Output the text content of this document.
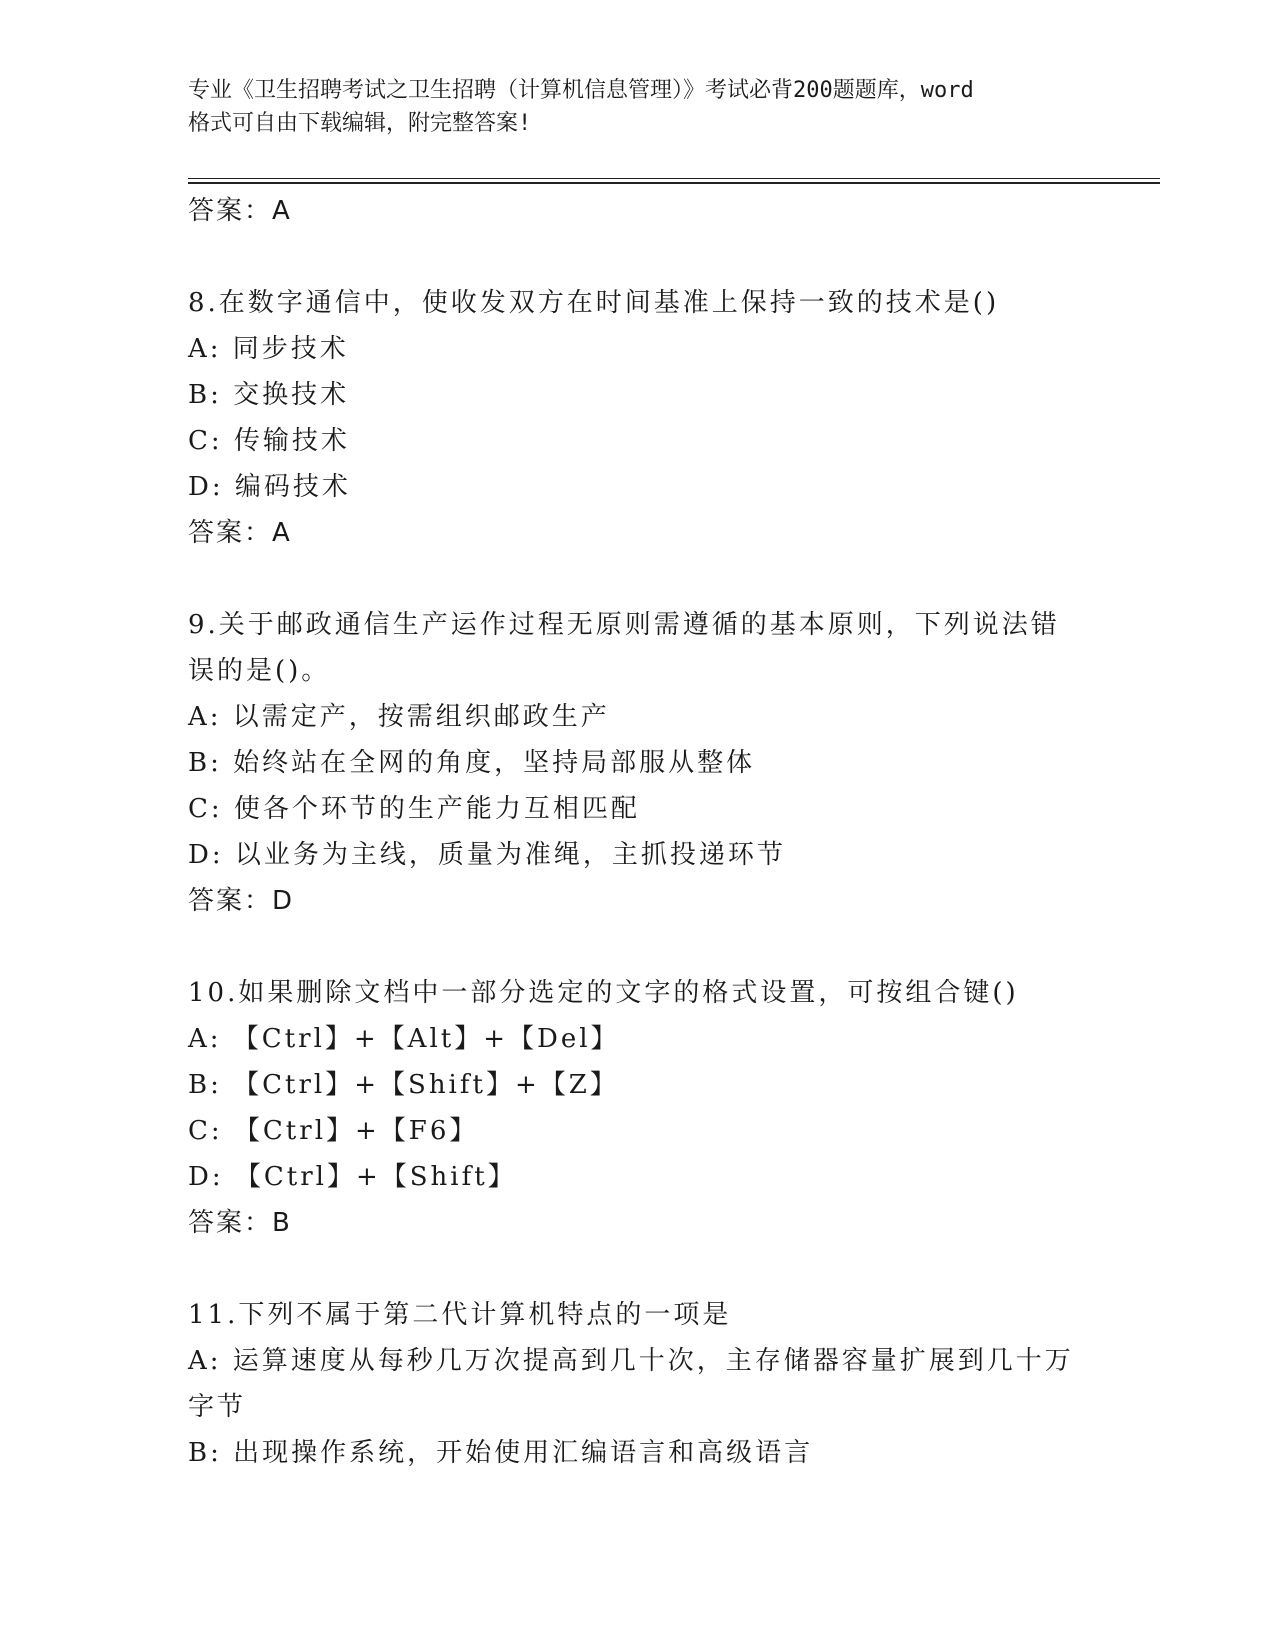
专业《卫生招聘考试之卫生招聘（计算机信息管理）》考试必背200题题库，word
格式可自由下载编辑，附完整答案!
答案：A
8.在数字通信中，使收发双方在时间基准上保持一致的技术是()
A: 同步技术
B: 交换技术
C: 传输技术
D: 编码技术
答案：A
9.关于邮政通信生产运作过程无原则需遵循的基本原则，下列说法错
误的是()。
A: 以需定产，按需组织邮政生产
B: 始终站在全网的角度，坚持局部服从整体
C: 使各个环节的生产能力互相匹配
D: 以业务为主线，质量为准绳，主抓投递环节
答案：D
10.如果删除文档中一部分选定的文字的格式设置，可按组合键()
A: 【Ctrl】+【Alt】+【Del】
B: 【Ctrl】+【Shift】+【Z】
C: 【Ctrl】+【F6】
D: 【Ctrl】+【Shift】
答案：B
11.下列不属于第二代计算机特点的一项是
A: 运算速度从每秒几万次提高到几十次，主存储器容量扩展到几十万
字节
B: 出现操作系统，开始使用汇编语言和高级语言
